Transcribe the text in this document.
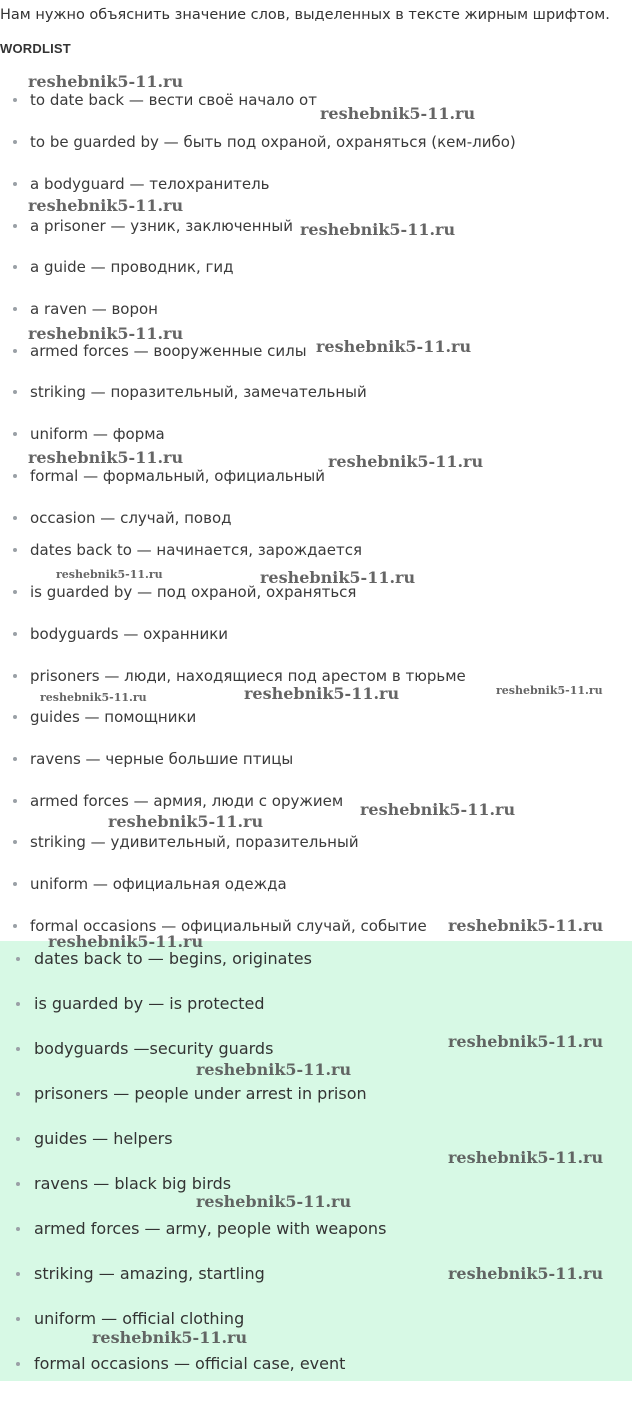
Нам нужно объяснить значение слов, выделенных в тексте жирным шрифтом.
WORDLIST
to date back — вести своё начало от
to be guarded by — быть под охраной, охраняться (кем-либо)
a bodyguard — телохранитель
a prisoner — узник, заключенный
a guide — проводник, гид
a raven — ворон
armed forces — вооруженные силы
striking — поразительный, замечательный
uniform — форма
formal — формальный, официальный
occasion — случай, повод
dates back to — начинается, зарождается
is guarded by — под охраной, охраняться
bodyguards — охранники
prisoners — люди, находящиеся под арестом в тюрьме
guides — помощники
ravens — черные большие птицы
armed forces — армия, люди с оружием
striking — удивительный, поразительный
uniform — официальная одежда
formal occasions — официальный случай, событие
dates back to — begins, originates
is guarded by — is protected
bodyguards —security guards
prisoners — people under arrest in prison
guides — helpers
ravens — black big birds
armed forces — army, people with weapons
striking — amazing, startling
uniform — official clothing
formal occasions — official case, event
reshebnik5-11.ru
reshebnik5-11.ru
reshebnik5-11.ru
reshebnik5-11.ru
reshebnik5-11.ru
reshebnik5-11.ru
reshebnik5-11.ru	reshebnik5-11.ru
reshebnik5-11.ru	reshebnik5-11.ru
reshebnik5-11.ru	reshebnik5-11.ru	reshebnik5-11.ru
reshebnik5-11.ru
reshebnik5-11.ru
reshebnik5-11.ru
reshebnik5-11.ru
reshebnik5-11.ru
reshebnik5-11.ru
reshebnik5-11.ru
reshebnik5-11.ru
reshebnik5-11.ru
reshebnik5-11.ru
